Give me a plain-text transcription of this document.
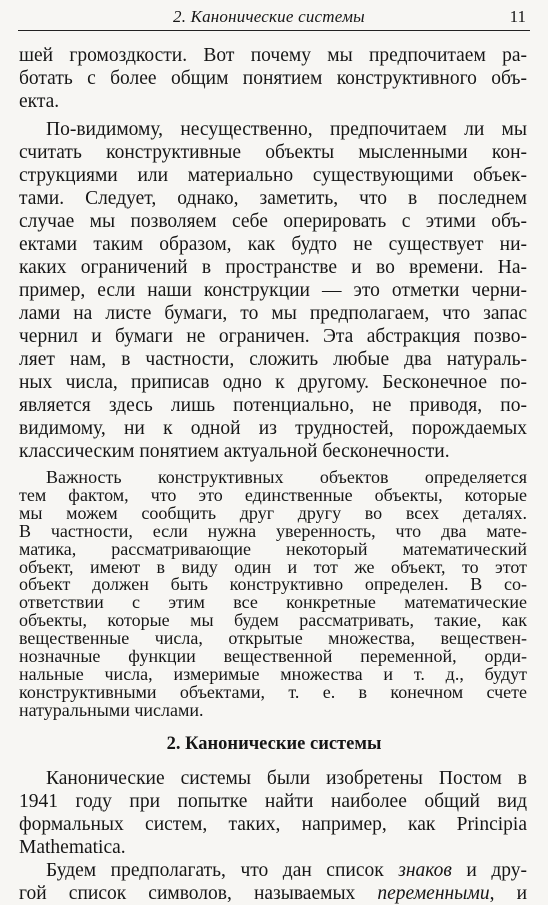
2. Канонические системы	11
шей громоздкости. Вот почему мы предпочитаем ра-
ботать с более общим понятием конструктивного объ-
екта.
По-видимому, несущественно, предпочитаем ли мы
считать конструктивные объекты мысленными кон-
струкциями или материально существующими объек-
тами. Следует, однако, заметить, что в последнем
случае мы позволяем себе оперировать с этими объ-
ектами таким образом, как будто не существует ни-
каких ограничений в пространстве и во времени. На-
пример, если наши конструкции — это отметки черни-
лами на листе бумаги, то мы предполагаем, что запас
чернил и бумаги не ограничен. Эта абстракция позво-
ляет нам, в частности, сложить любые два натураль-
ных числа, приписав одно к другому. Бесконечное по-
является здесь лишь потенциально, не приводя, по-
видимому, ни к одной из трудностей, порождаемых
классическим понятием актуальной бесконечности.
Важность конструктивных объектов определяется
тем фактом, что это единственные объекты, которые
мы можем сообщить друг другу во всех деталях.
В частности, если нужна уверенность, что два мате-
матика, рассматривающие некоторый математический
объект, имеют в виду один и тот же объект, то этот
объект должен быть конструктивно определен. В со-
ответствии с этим все конкретные математические
объекты, которые мы будем рассматривать, такие, как
вещественные числа, открытые множества, веществен-
нозначные функции вещественной переменной, орди-
2. Канонические системы
Канонические системы были изобретены Постом в
1941 году при попытке найти наиболее общий вид
формальных систем, таких, например, как Principia
Mathematica.
Будем предполагать, что дан список знаков и дру-
гой список символов, называемых переменными, и
нальные числа, измеримые множества и т. д., будут
конструктивными объектами, т. е. в конечном счете
натуральными числами.
